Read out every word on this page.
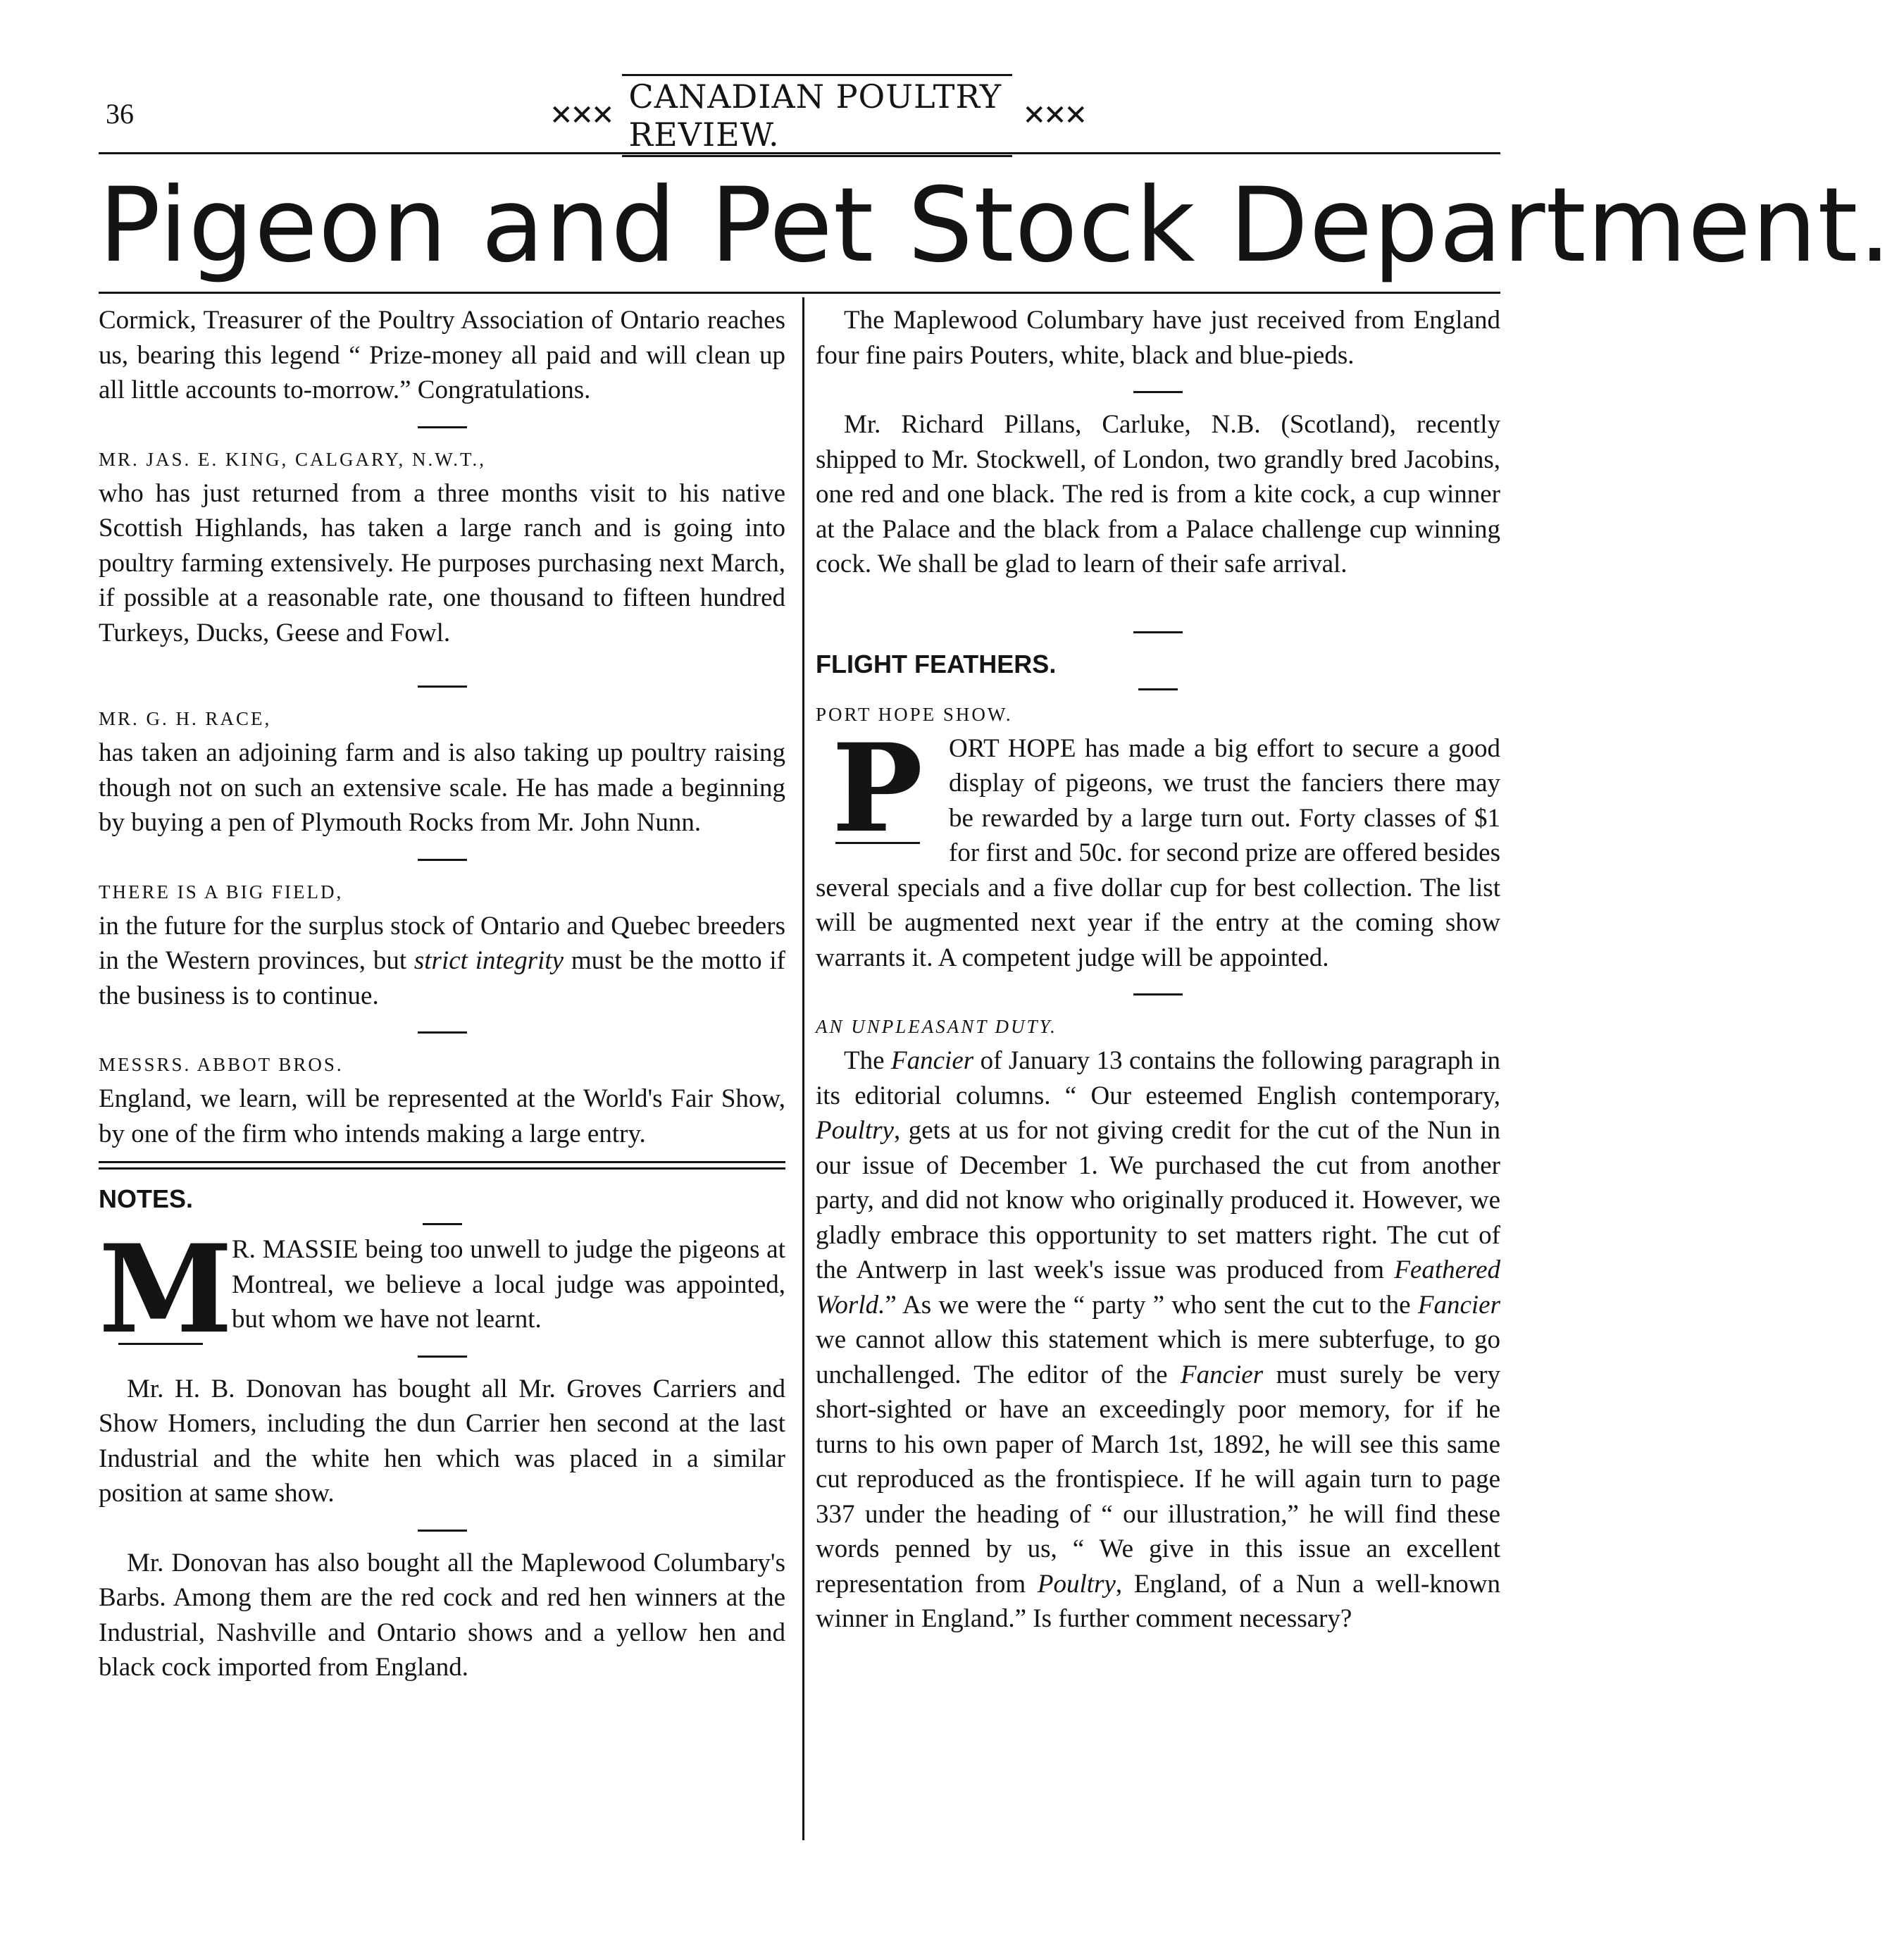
36	✕✕✕ CANADIAN POULTRY REVIEW.	✕✕✕
Pigeon and Pet Stock Department.

Cormick, Treasurer of the Poultry Association of Ontario reaches us, bearing this legend “ Prize-money all paid and will clean up all little accounts to-morrow.” Congratulations.

MR. JAS. E. KING, CALGARY, N.W.T.,

who has just returned from a three months visit to his native Scottish Highlands, has taken a large ranch and is going into poultry farming extensively. He purposes purchasing next March, if possible at a reasonable rate, one thousand to fifteen hundred Turkeys, Ducks, Geese and Fowl.

MR. G. H. RACE,

has taken an adjoining farm and is also taking up poultry raising though not on such an extensive scale. He has made a beginning by buying a pen of Plymouth Rocks from Mr. John Nunn.

THERE IS A BIG FIELD,

in the future for the surplus stock of Ontario and Quebec breeders in the Western provinces, but strict integrity must be the motto if the business is to continue.

MESSRS. ABBOT BROS.

England, we learn, will be represented at the World's Fair Show, by one of the firm who intends making a large entry.

NOTES.

M

R. MASSIE being too unwell to judge the pigeons at Montreal, we believe a local judge was appointed, but whom we have not learnt.

Mr. H. B. Donovan has bought all Mr. Groves Carriers and Show Homers, including the dun Carrier hen second at the last Industrial and the white hen which was placed in a similar position at same show.

Mr. Donovan has also bought all the Maplewood Columbary's Barbs. Among them are the red cock and red hen winners at the Industrial, Nashville and Ontario shows and a yellow hen and black cock imported from England.

The Maplewood Columbary have just received from England four fine pairs Pouters, white, black and blue-pieds.

Mr. Richard Pillans, Carluke, N.B. (Scotland), recently shipped to Mr. Stockwell, of London, two grandly bred Jacobins, one red and one black. The red is from a kite cock, a cup winner at the Palace and the black from a Palace challenge cup winning cock. We shall be glad to learn of their safe arrival.

FLIGHT FEATHERS.

PORT HOPE SHOW.

P ORT HOPE has made a big effort to secure a good display of pigeons, we trust the fanciers there may be rewarded by a large turn out. Forty classes of $1 for first and 50c. for second prize are offered besides several specials and a five dollar cup for best collection. The list will be augmented next year if the entry at the coming show warrants it. A competent judge will be appointed.

AN UNPLEASANT DUTY.

The Fancier of January 13 contains the following paragraph in its editorial columns. “ Our esteemed English contemporary, Poultry, gets at us for not giving credit for the cut of the Nun in our issue of December 1. We purchased the cut from another party, and did not know who originally produced it. However, we gladly embrace this opportunity to set matters right. The cut of the Antwerp in last week's issue was produced from Feathered World.” As we were the “ party ” who sent the cut to the Fancier we cannot allow this statement which is mere subterfuge, to go unchallenged. The editor of the Fancier must surely be very short-sighted or have an exceedingly poor memory, for if he turns to his own paper of March 1st, 1892, he will see this same cut reproduced as the frontispiece. If he will again turn to page 337 under the heading of “ our illustration,” he will find these words penned by us, “ We give in this issue an excellent representation from Poultry, England, of a Nun a well-known winner in England.” Is further comment necessary?
